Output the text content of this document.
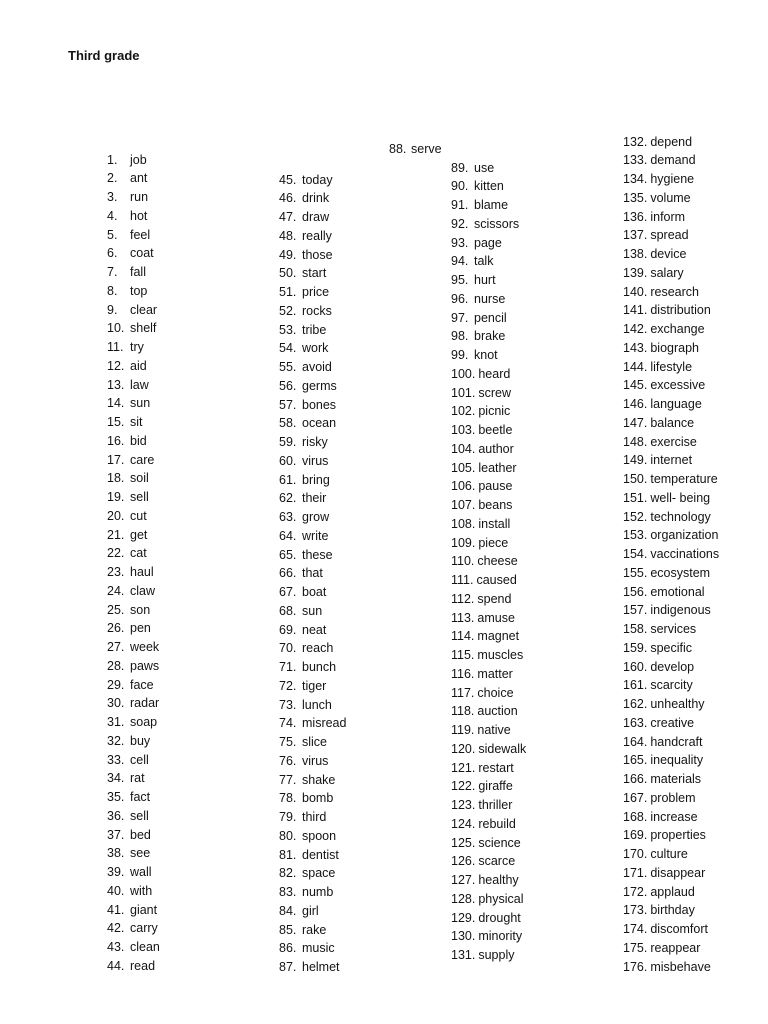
Third grade
1.	job
2.	ant
3.	run
4.	hot
5.	feel
6.	coat
7.	fall
8.	top
9.	clear
10. shelf
11. try
12. aid
13. law
14. sun
15. sit
16. bid
17. care
18. soil
19. sell
20. cut
21. get
22. cat
23. haul
24. claw
25. son
26. pen
27. week
28. paws
29. face
30. radar
31. soap
32. buy
33. cell
34. rat
35. fact
36. sell
37. bed
38. see
39. wall
40. with
41. giant
42. carry
43. clean
44. read
45. today
46. drink
47. draw
48. really
49. those
50. start
51. price
52. rocks
53. tribe
54. work
55. avoid
56. germs
57. bones
58. ocean
59. risky
60. virus
61. bring
62. their
63. grow
64. write
65. these
66. that
67. boat
68. sun
69. neat
70. reach
71. bunch
72. tiger
73. lunch
74. misread
75. slice
76. virus
77. shake
78. bomb
79. third
80. spoon
81. dentist
82. space
83. numb
84. girl
85. rake
86. music
87. helmet
88. serve
89. use
90. kitten
91. blame
92. scissors
93. page
94. talk
95. hurt
96. nurse
97. pencil
98. brake
99. knot
100. heard
101. screw
102. picnic
103. beetle
104. author
105. leather
106. pause
107. beans
108. install
109. piece
110. cheese
111. caused
112. spend
113. amuse
114. magnet
115. muscles
116. matter
117. choice
118. auction
119. native
120. sidewalk
121. restart
122. giraffe
123. thriller
124. rebuild
125. science
126. scarce
127. healthy
128. physical
129. drought
130. minority
131. supply
132. depend
133. demand
134. hygiene
135. volume
136. inform
137. spread
138. device
139. salary
140. research
141. distribution
142. exchange
143. biograph
144. lifestyle
145. excessive
146. language
147. balance
148. exercise
149. internet
150. temperature
151. well- being
152. technology
153. organization
154. vaccinations
155. ecosystem
156. emotional
157. indigenous
158. services
159. specific
160. develop
161. scarcity
162. unhealthy
163. creative
164. handcraft
165. inequality
166. materials
167. problem
168. increase
169. properties
170. culture
171. disappear
172. applaud
173. birthday
174. discomfort
175. reappear
176. misbehave
